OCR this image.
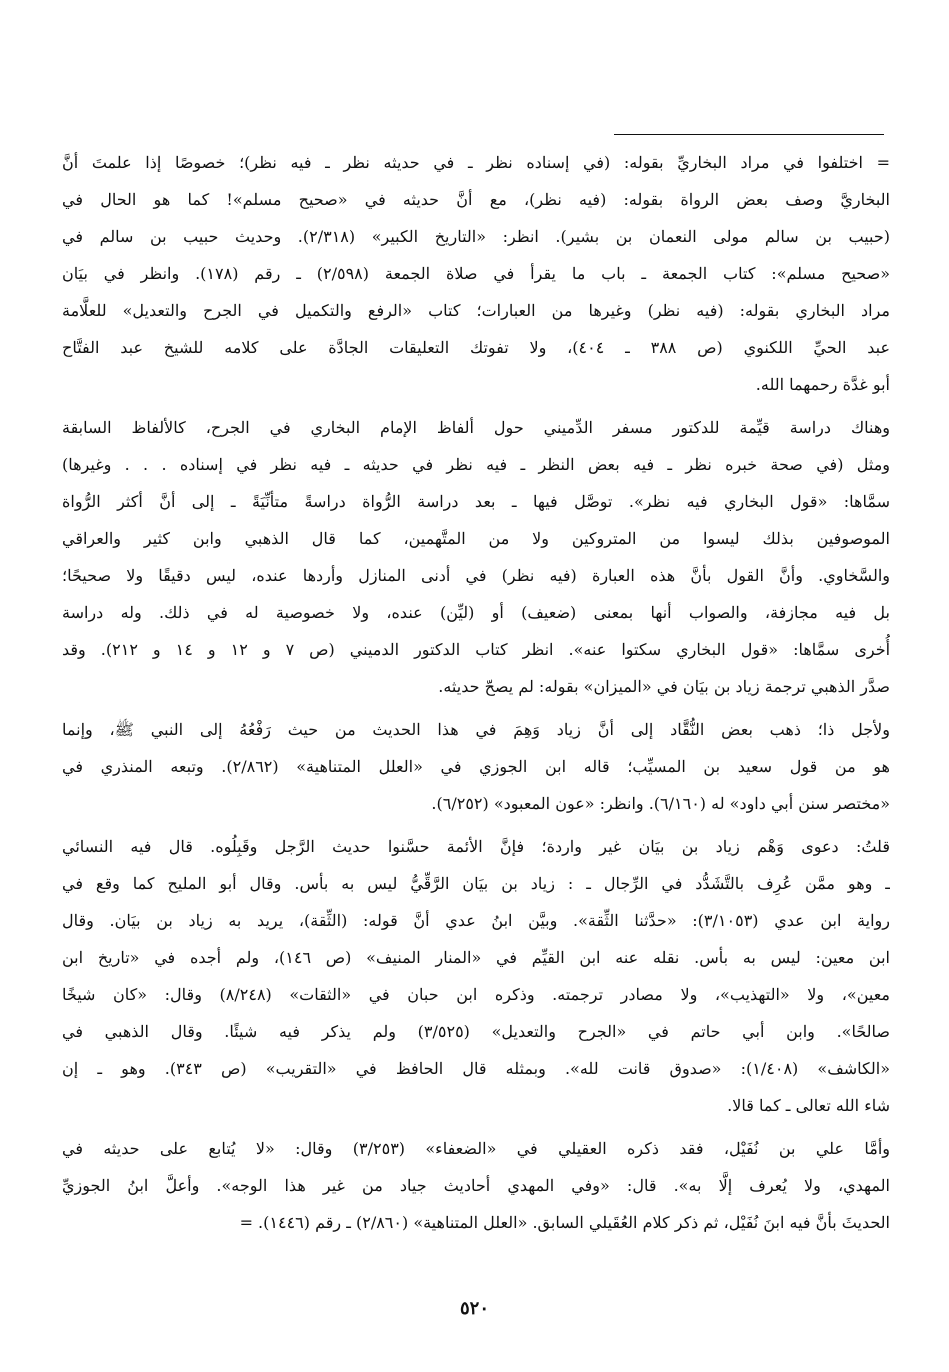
= اختلفوا في مراد البخاريِّ بقوله: (في إسناده نظر ـ في حديثه نظر ـ فيه نظر)؛ خصوصًا إذا علمتَ أنَّ
البخاريَّ وصف بعض الرواة بقوله: (فيه نظر)، مع أنَّ حديثه في «صحيح مسلم»! كما هو الحال في
(حبيب بن سالم مولى النعمان بن بشير). انظر: «التاريخ الكبير» (٢/٣١٨). وحديث حبيب بن سالم في
«صحيح مسلم»: كتاب الجمعة ـ باب ما يقرأ في صلاة الجمعة (٢/٥٩٨) ـ رقم (١٧٨). وانظر في بيَان
مراد البخاري بقوله: (فيه نظر) وغيرها من العبارات؛ كتاب «الرفع والتكميل في الجرح والتعديل» للعلَّامة
عبد الحيِّ اللكنوي (ص ٣٨٨ ـ ٤٠٤)، ولا تفوتك التعليقات الجادَّة على كلامه للشيخ عبد الفتَّاح
أبو غدَّة رحمهما الله.
وهناك دراسة قيِّمة للدكتور مسفر الدِّميني حول ألفاظ الإمام البخاري في الجرح، كالألفاظ السابقة
ومثل (في صحة خبره نظر ـ فيه بعض النظر ـ فيه نظر في حديثه ـ فيه نظر في إسناده . . . وغيرها)
سمَّاها: «قول البخاري فيه نظر». توصَّل فيها ـ بعد دراسة الرُّواة دراسةً متأنِّيَةً ـ إلى أنَّ أكثر الرُّواة
الموصوفين بذلك ليسوا من المتروكين ولا من المتَّهمين، كما قال الذهبي وابن كثير والعراقي
والسَّخاوي. وأنَّ القول بأنَّ هذه العبارة (فيه نظر) في أدنى المنازل وأردها عنده، ليس دقيقًا ولا صحيحًا؛
بل فيه مجازفة، والصواب أنها بمعنى (ضعيف) أو (ليِّن) عنده، ولا خصوصية له في ذلك. وله دراسة
أُخرى سمَّاها: «قول البخاري سكتوا عنه». انظر كتاب الدكتور الدميني (ص ٧ و ١٢ و ١٤ و ٢١٢). وقد
صدَّر الذهبي ترجمة زياد بن بيَان في «الميزان» بقوله: لم يصحّ حديثه.
ولأجل ذا؛ ذهب بعض النُّقَّاد إلى أنَّ زياد وَهِمَ في هذا الحديث من حيث رَفْعُهُ إلى النبي ﷺ، وإنما
هو من قول سعيد بن المسيِّب؛ قاله ابن الجوزي في «العلل المتناهية» (٢/٨٦٢). وتبعه المنذري في
«مختصر سنن أبي داود» له (٦/١٦٠). وانظر: «عون المعبود» (٦/٢٥٢).
قلتُ: دعوى وَهْم زياد بن بيَان غير واردة؛ فإنَّ الأئمة حسَّنوا حديث الرَّجل وقَبِلُوه. قال فيه النسائي
ـ وهو ممَّن عُرِف بالتَّشَدُّد في الرِّجال ـ : زياد بن بيَان الرَّقِّيُّ ليس به بأس. وقال أبو المليح كما وقع في
رواية ابن عدي (٣/١٠٥٣): «حدَّثنا الثِّقة». وبيَّن ابنُ عدي أنَّ قوله: (الثِّقة)، يريد به زياد بن بيَان. وقال
ابن معين: ليس به بأس. نقله عنه ابن القيِّم في «المنار المنيف» (ص ١٤٦)، ولم أجده في «تاريخ ابن
معين»، ولا «التهذيب»، ولا مصادر ترجمته. وذكره ابن حبان في «الثقات» (٨/٢٤٨) وقال: «كان شيخًا
صالحًا». وابن أبي حاتم في «الجرح والتعديل» (٣/٥٢٥) ولم يذكر فيه شيئًا. وقال الذهبي في
«الكاشف» (١/٤٠٨): «صدوق قانت لله». وبمثله قال الحافظ في «التقريب» (ص ٣٤٣). وهو ـ إن
شاء الله تعالى ـ كما قالا.
وأمَّا علي بن نُفَيْل، فقد ذكره العقيلي في «الضعفاء» (٣/٢٥٣) وقال: «لا يُتابع على حديثه في
المهدي، ولا يُعرف إلَّا به». قال: «وفي المهدي أحاديث جياد من غير هذا الوجه». وأعلَّ ابنُ الجوزيِّ
الحديثَ بأنَّ فيه ابنَ نُفَيْل، ثم ذكر كلام العُقَيلي السابق. «العلل المتناهية» (٢/٨٦٠) ـ رقم (١٤٤٦). =
٥٢٠
